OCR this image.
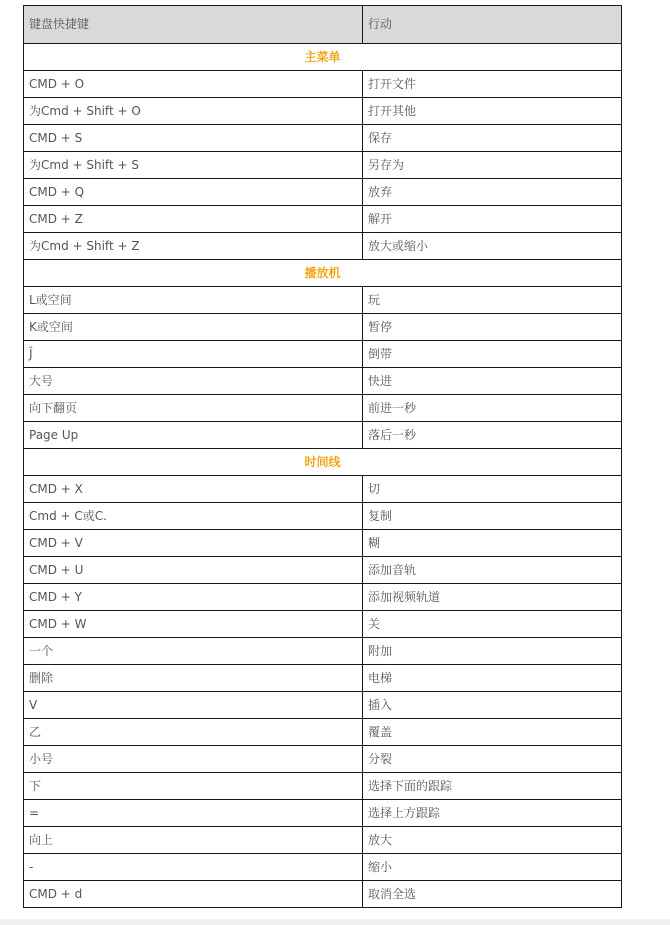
键盘快捷键	行动
主菜单	
CMD + O	打开文件
为Cmd + Shift + O	打开其他
CMD + S	保存
为Cmd + Shift + S	另存为
CMD + Q	放弃
CMD + Z	解开
为Cmd + Shift + Z	放大或缩小
播放机	
L或空间	玩
K或空间	暂停
Ĵ	倒带
大号	快进
向下翻页	前进一秒
Page Up	落后一秒
时间线	
CMD + X	切
Cmd + C或C.	复制
CMD + V	糊
CMD + U	添加音轨
CMD + Y	添加视频轨道
CMD + W	关
一个	附加
删除	电梯
V	插入
乙	覆盖
小号	分裂
下	选择下面的跟踪
=	选择上方跟踪
向上	放大
-	缩小
CMD + d	取消全选
